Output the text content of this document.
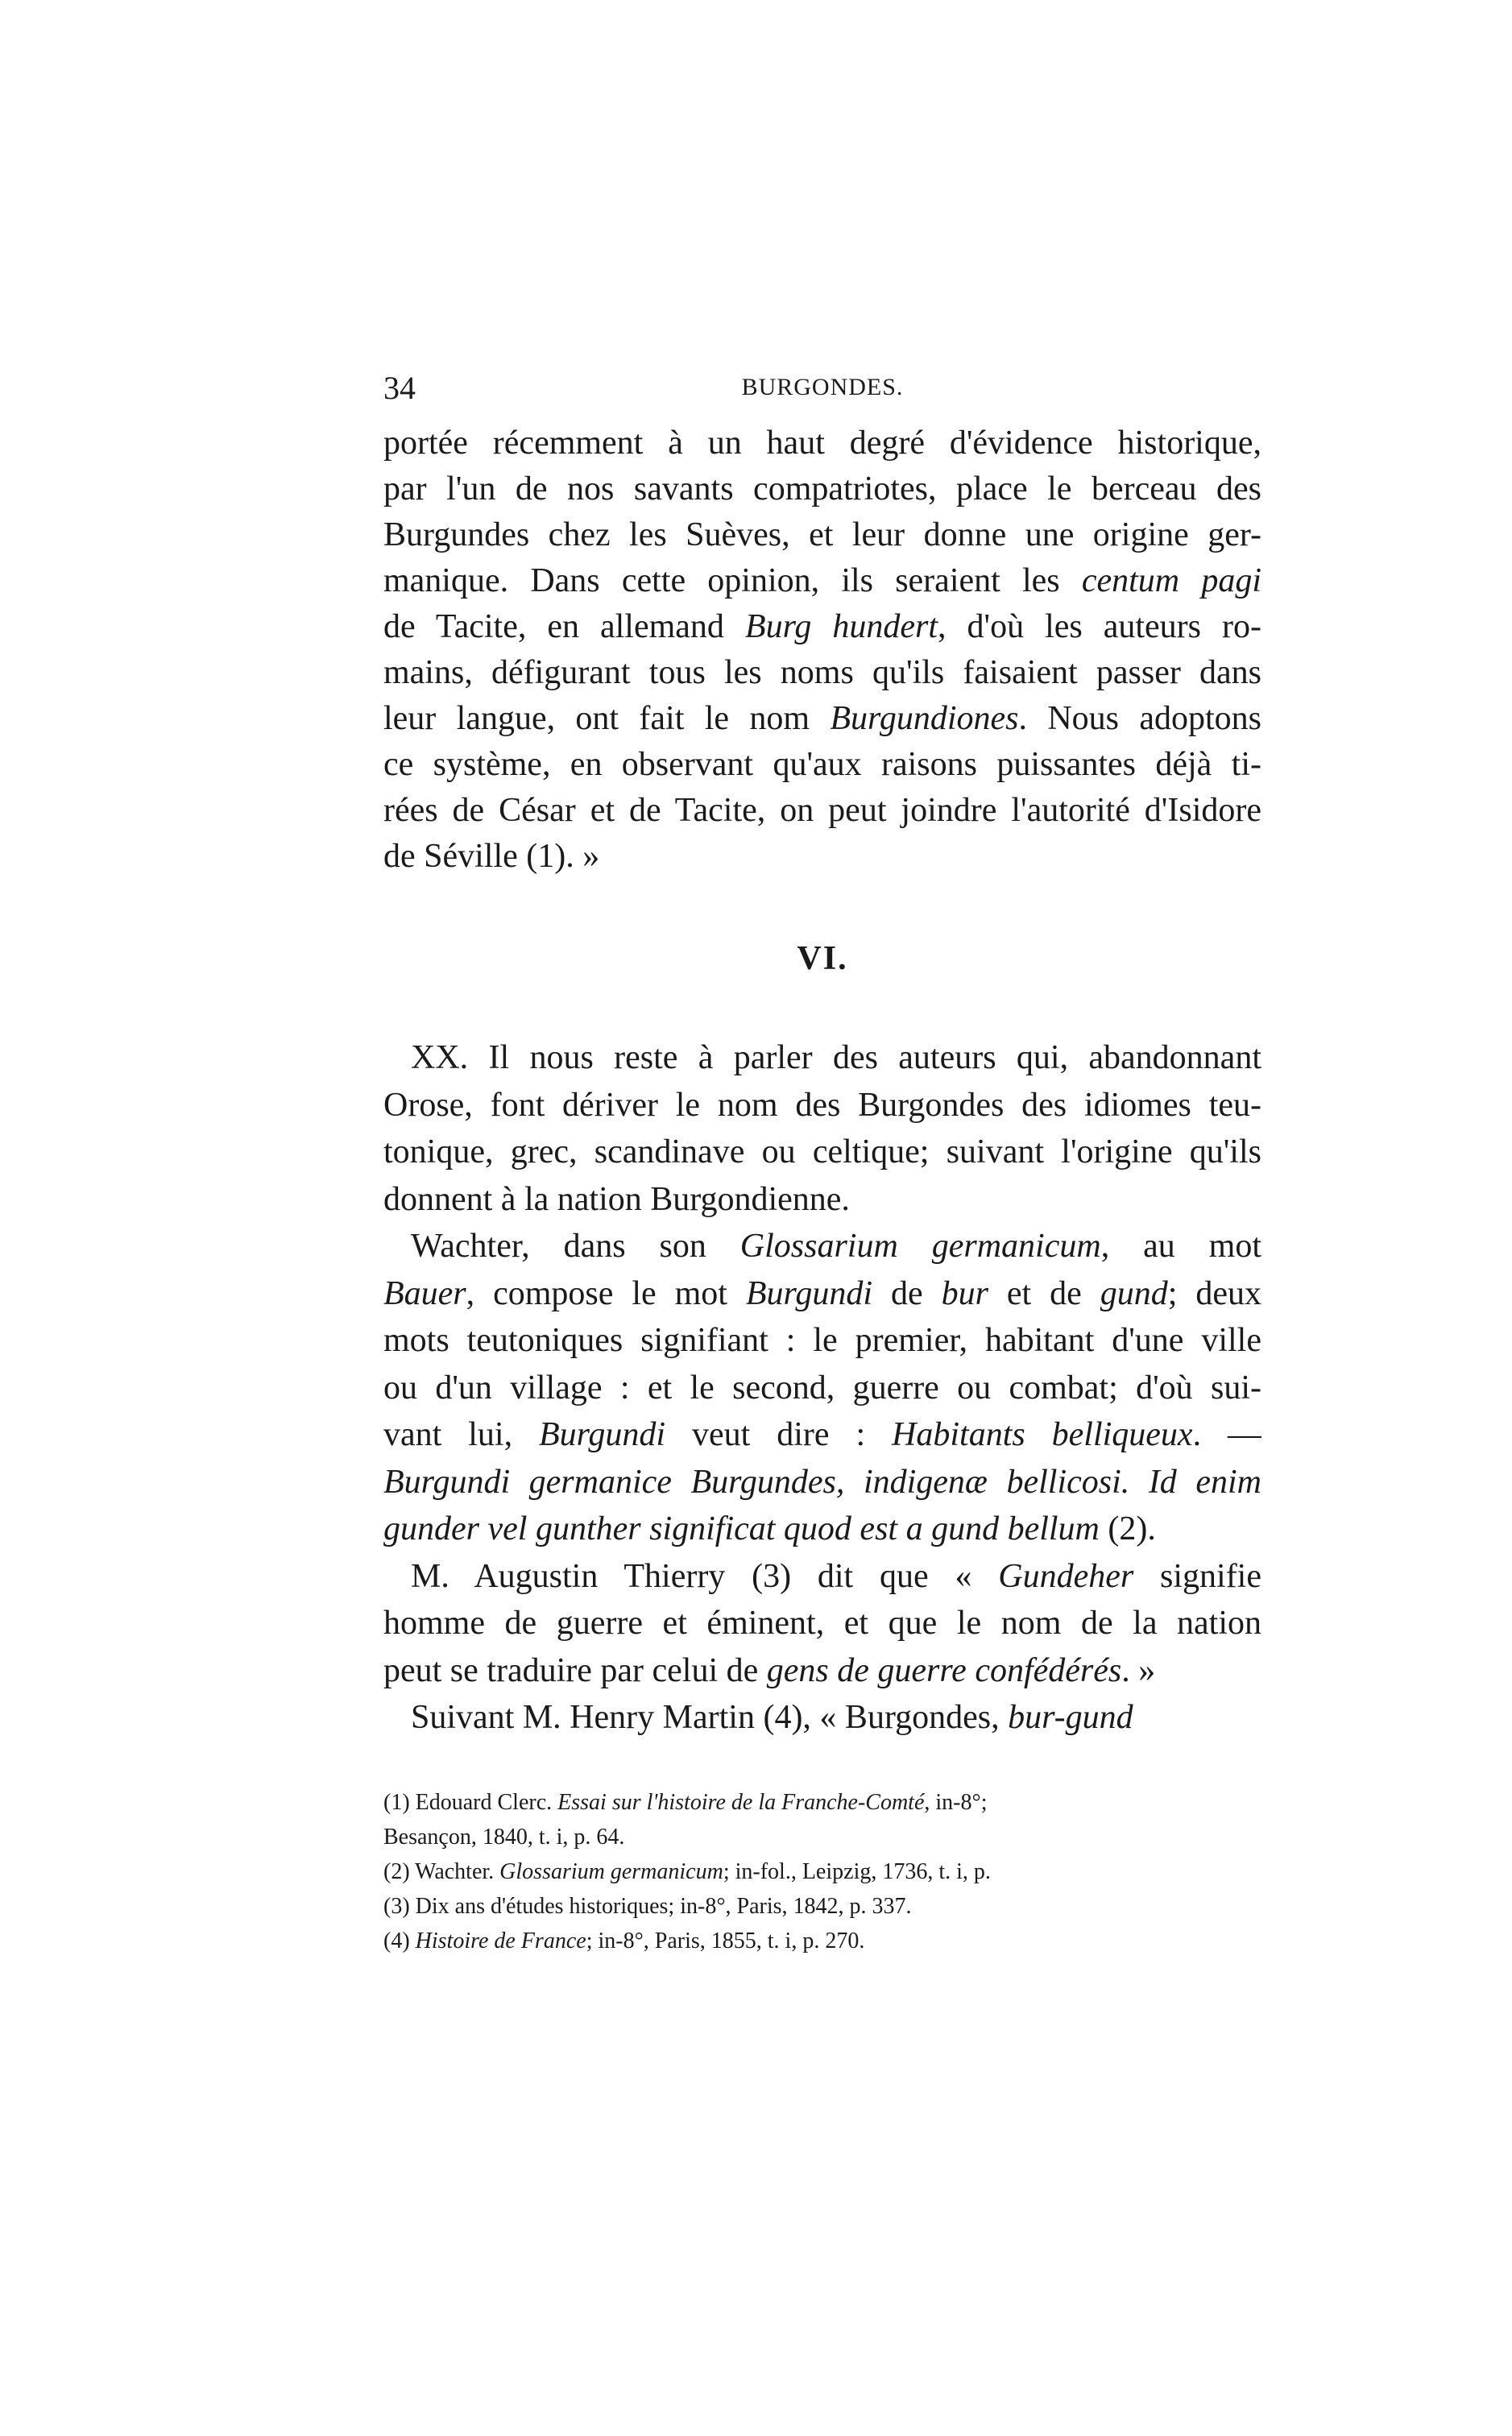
34	BURGONDES.
portée récemment à un haut degré d'évidence historique,
par l'un de nos savants compatriotes, place le berceau des
Burgundes chez les Suèves, et leur donne une origine ger-
manique. Dans cette opinion, ils seraient les centum pagi
de Tacite, en allemand Burg hundert, d'où les auteurs ro-
mains, défigurant tous les noms qu'ils faisaient passer dans
leur langue, ont fait le nom Burgundiones. Nous adoptons
ce système, en observant qu'aux raisons puissantes déjà ti-
rées de César et de Tacite, on peut joindre l'autorité d'Isidore
de Séville (1). »
VI.
XX. Il nous reste à parler des auteurs qui, abandonnant
Orose, font dériver le nom des Burgondes des idiomes teu-
tonique, grec, scandinave ou celtique; suivant l'origine qu'ils
donnent à la nation Burgondienne.
Wachter, dans son Glossarium germanicum, au mot
Bauer, compose le mot Burgundi de bur et de gund; deux
mots teutoniques signifiant : le premier, habitant d'une ville
ou d'un village : et le second, guerre ou combat; d'où sui-
vant lui, Burgundi veut dire : Habitants belliqueux. —
Burgundi germanice Burgundes, indigenæ bellicosi. Id enim
gunder vel gunther significat quod est a gund bellum (2).
M. Augustin Thierry (3) dit que « Gundeher signifie
homme de guerre et éminent, et que le nom de la nation
peut se traduire par celui de gens de guerre confédérés. »
Suivant M. Henry Martin (4), « Burgondes, bur-gund
(1) Edouard Clerc. Essai sur l'histoire de la Franche-Comté, in-8°;
Besançon, 1840, t. i, p. 64.
(2) Wachter. Glossarium germanicum; in-fol., Leipzig, 1736, t. i, p.
(3) Dix ans d'études historiques; in-8°, Paris, 1842, p. 337.
(4) Histoire de France; in-8°, Paris, 1855, t. i, p. 270.
